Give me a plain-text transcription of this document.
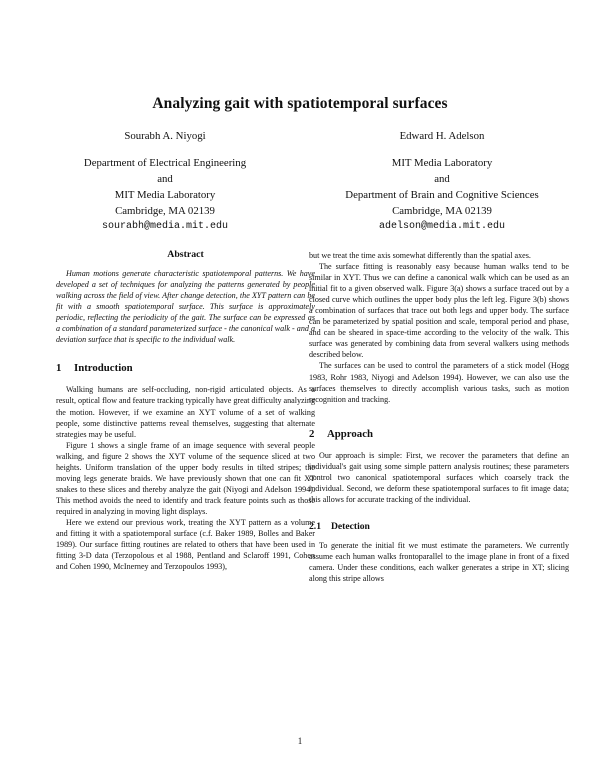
Analyzing gait with spatiotemporal surfaces
Sourabh A. Niyogi
Department of Electrical Engineering
and
MIT Media Laboratory
Cambridge, MA 02139
sourabh@media.mit.edu
Edward H. Adelson
MIT Media Laboratory
and
Department of Brain and Cognitive Sciences
Cambridge, MA 02139
adelson@media.mit.edu
Abstract

Human motions generate characteristic spatiotemporal patterns. We have developed a set of techniques for analyzing the patterns generated by people walking across the field of view. After change detection, the XYT pattern can be fit with a smooth spatiotemporal surface. This surface is approximately periodic, reflecting the periodicity of the gait. The surface can be expressed as a combination of a standard parameterized surface - the canonical walk - and a deviation surface that is specific to the individual walk.

1 Introduction

Walking humans are self-occluding, non-rigid articulated objects. As a result, optical flow and feature tracking typically have great difficulty analyzing the motion. However, if we examine an XYT volume of a set of walking people, some distinctive patterns reveal themselves, suggesting that alternate strategies may be useful.

Figure 1 shows a single frame of an image sequence with several people walking, and figure 2 shows the XYT volume of the sequence sliced at two heights. Uniform translation of the upper body results in tilted stripes; the moving legs generate braids. We have previously shown that one can fit XT snakes to these slices and thereby analyze the gait (Niyogi and Adelson 1994). This method avoids the need to identify and track feature points such as those required in analyzing in moving light displays.

Here we extend our previous work, treating the XYT pattern as a volume and fitting it with a spatiotemporal surface (c.f. Baker 1989, Bolles and Baker 1989). Our surface fitting routines are related to others that have been used in fitting 3-D data (Terzopolous et al 1988, Pentland and Sclaroff 1991, Cohen and Cohen 1990, McInerney and Terzopoulos 1993),

but we treat the time axis somewhat differently than the spatial axes.

The surface fitting is reasonably easy because human walks tend to be similar in XYT. Thus we can define a canonical walk which can be used as an initial fit to a given observed walk. Figure 3(a) shows a surface traced out by a closed curve which outlines the upper body plus the left leg. Figure 3(b) shows a combination of surfaces that trace out both legs and upper body. The surface can be parameterized by spatial position and scale, temporal period and phase, and can be sheared in space-time according to the velocity of the walk. This surface was generated by combining data from several walkers using methods described below.

The surfaces can be used to control the parameters of a stick model (Hogg 1983, Rohr 1983, Niyogi and Adelson 1994). However, we can also use the surfaces themselves to directly accomplish various tasks, such as motion recognition and tracking.

2 Approach

Our approach is simple: First, we recover the parameters that define an individual's gait using some simple pattern analysis routines; these parameters control two canonical spatiotemporal surfaces which coarsely track the individual. Second, we deform these spatiotemporal surfaces to fit image data; this allows for accurate tracking of the individual.

2.1 Detection

To generate the initial fit we must estimate the parameters. We currently assume each human walks frontoparallel to the image plane in front of a fixed camera. Under these conditions, each walker generates a stripe in XT; slicing along this stripe allows

1
